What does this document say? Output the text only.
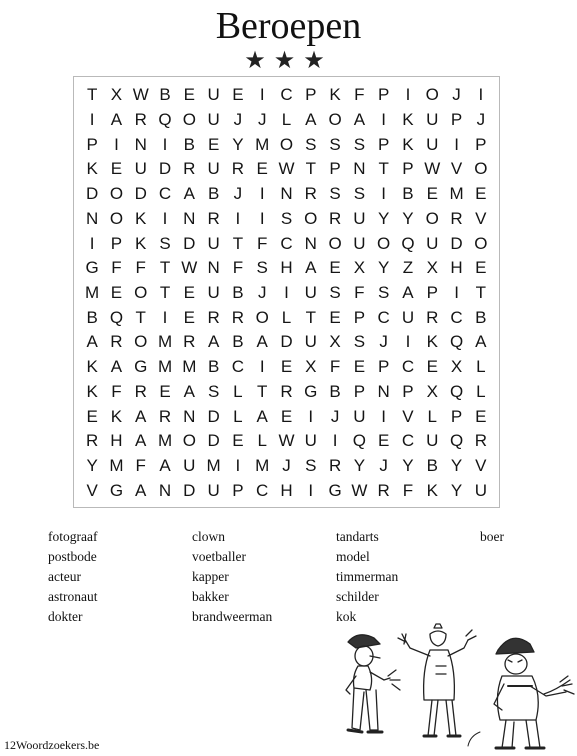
Beroepen
★★★
T X W B E U E I C P K F P I O J I
I A R Q O U J J L A O A I K U P J
P I N I B E Y M O S S S P K U I P
K E U D R U R E W T P N T P W V O
D O D C A B J I N R S S I B E M E
N O K I N R I I S O R U Y Y O R V
I P K S D U T F C N O U O Q U D O
G F F T W N F S H A E X Y Z X H E
M E O T E U B J I U S F S A P I T
B Q T I E R R O L T E P C U R C B
A R O M R A B A D U X S J I K Q A
K A G M M B C I E X F E P C E X L
K F R E A S L T R G B P N P X Q L
E K A R N D L A E I J U I V L P E
R H A M O D E L W U I Q E C U Q R
Y M F A U M I M J S R Y J Y B Y V
V G A N D U P C H I G W R F K Y U
fotograaf
postbode
acteur
astronaut
dokter
clown
voetballer
kapper
bakker
brandweerman
tandarts
model
timmerman
schilder
kok
boer
12Woordzoekers.be
